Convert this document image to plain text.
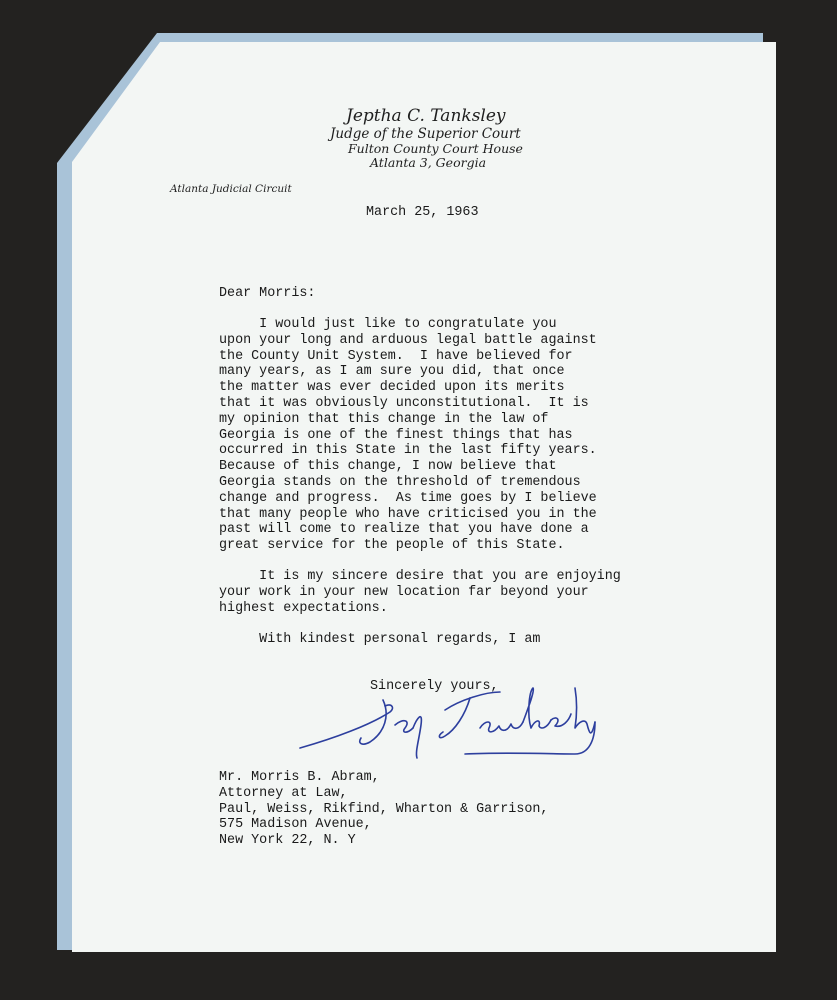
Jeptha C. Tanksley
Judge of the Superior Court
Fulton County Court House
Atlanta 3, Georgia
Atlanta Judicial Circuit
March 25, 1963
Dear Morris:
I would just like to congratulate you
upon your long and arduous legal battle against
the County Unit System.  I have believed for
many years, as I am sure you did, that once
the matter was ever decided upon its merits
that it was obviously unconstitutional.  It is
my opinion that this change in the law of
Georgia is one of the finest things that has
occurred in this State in the last fifty years.
Because of this change, I now believe that
Georgia stands on the threshold of tremendous
change and progress.  As time goes by I believe
that many people who have criticised you in the
past will come to realize that you have done a
great service for the people of this State.
It is my sincere desire that you are enjoying
your work in your new location far beyond your
highest expectations.
With kindest personal regards, I am
Sincerely yours,
Mr. Morris B. Abram,
Attorney at Law,
Paul, Weiss, Rikfind, Wharton & Garrison,
575 Madison Avenue,
New York 22, N. Y
